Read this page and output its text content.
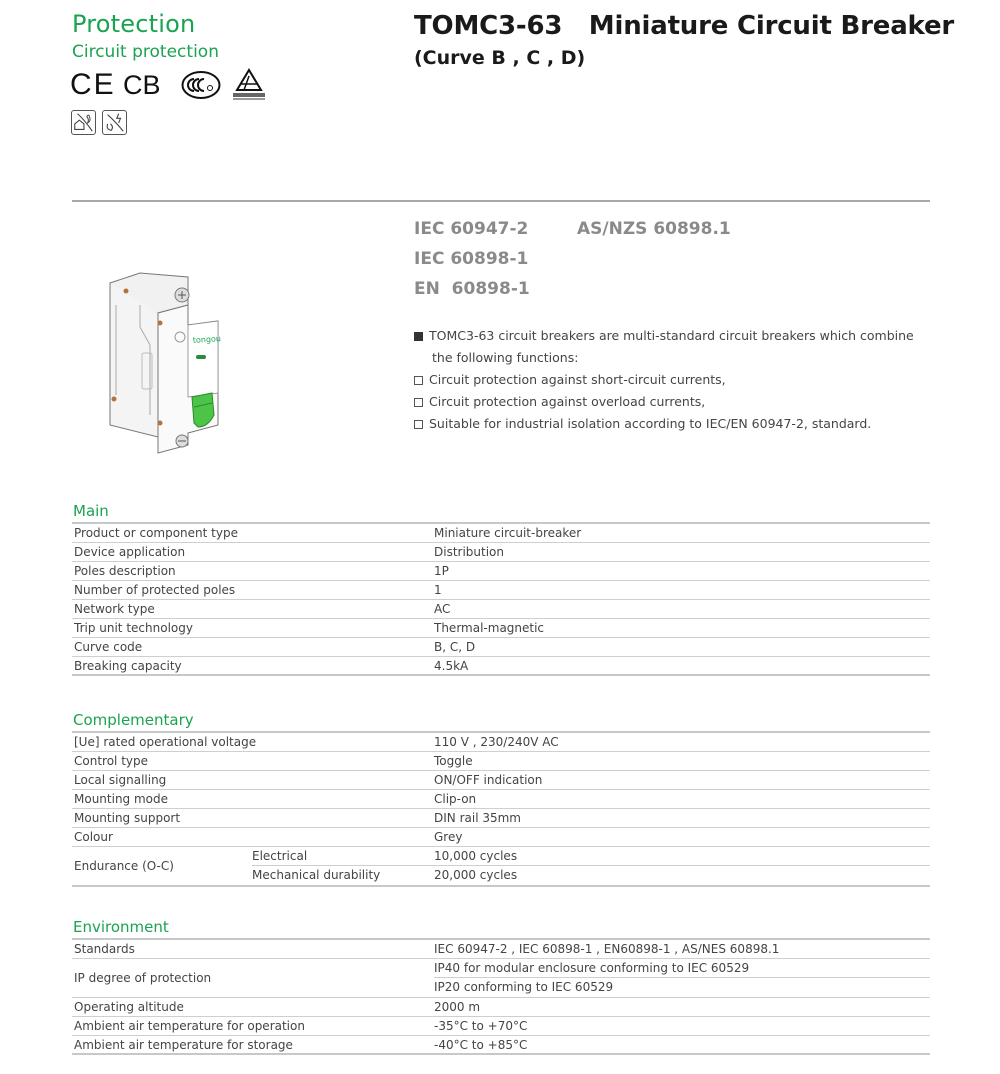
Protection
Circuit protection
CE CB
TOMC3-63   Miniature Circuit Breaker
(Curve B , C , D)
tongou
IEC 60947-2	AS/NZS 60898.1
IEC 60898-1
EN  60898-1
TOMC3-63 circuit breakers are multi-standard circuit breakers which combine
the following functions:
Circuit protection against short-circuit currents,
Circuit protection against overload currents,
Suitable for industrial isolation according to IEC/EN 60947-2, standard.
Main
Product or component type	Miniature circuit-breaker
Device application	Distribution
Poles description	1P
Number of protected poles	1
Network type	AC
Trip unit technology	Thermal-magnetic
Curve code	B, C, D
Breaking capacity	4.5kA
Complementary
[Ue] rated operational voltage	110 V , 230/240V AC
Control type	Toggle
Local signalling	ON/OFF indication
Mounting mode	Clip-on
Mounting support	DIN rail 35mm
Colour	Grey
Endurance (O-C)
Electrical	10,000 cycles
Mechanical durability	20,000 cycles
Environment
Standards	IEC 60947-2 , IEC 60898-1 , EN60898-1 , AS/NES 60898.1
IP degree of protection
IP40 for modular enclosure conforming to IEC 60529
IP20 conforming to IEC 60529
Operating altitude	2000 m
Ambient air temperature for operation	-35°C to +70°C
Ambient air temperature for storage	-40°C to +85°C
